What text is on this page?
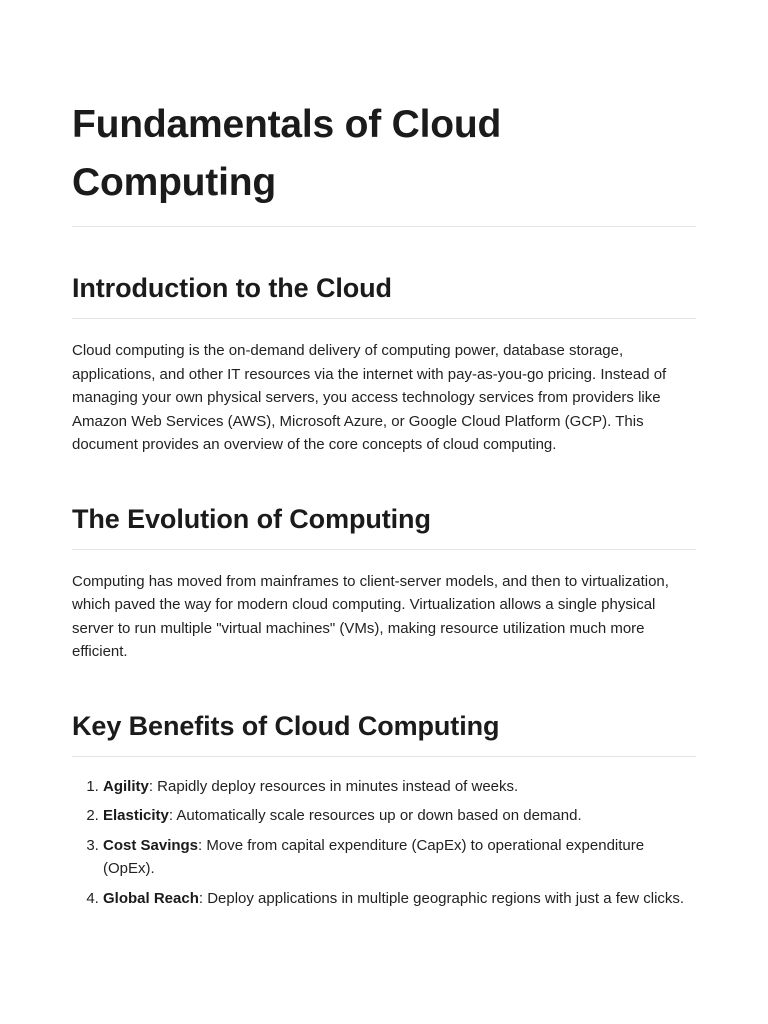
Fundamentals of Cloud Computing
Introduction to the Cloud

Cloud computing is the on-demand delivery of computing power, database storage, applications, and other IT resources via the internet with pay-as-you-go pricing. Instead of managing your own physical servers, you access technology services from providers like Amazon Web Services (AWS), Microsoft Azure, or Google Cloud Platform (GCP). This document provides an overview of the core concepts of cloud computing.

The Evolution of Computing

Computing has moved from mainframes to client-server models, and then to virtualization, which paved the way for modern cloud computing. Virtualization allows a single physical server to run multiple "virtual machines" (VMs), making resource utilization much more efficient.

Key Benefits of Cloud Computing
1. Agility: Rapidly deploy resources in minutes instead of weeks.
2. Elasticity: Automatically scale resources up or down based on demand.
3. Cost Savings: Move from capital expenditure (CapEx) to operational expenditure (OpEx).
4. Global Reach: Deploy applications in multiple geographic regions with just a few clicks.
